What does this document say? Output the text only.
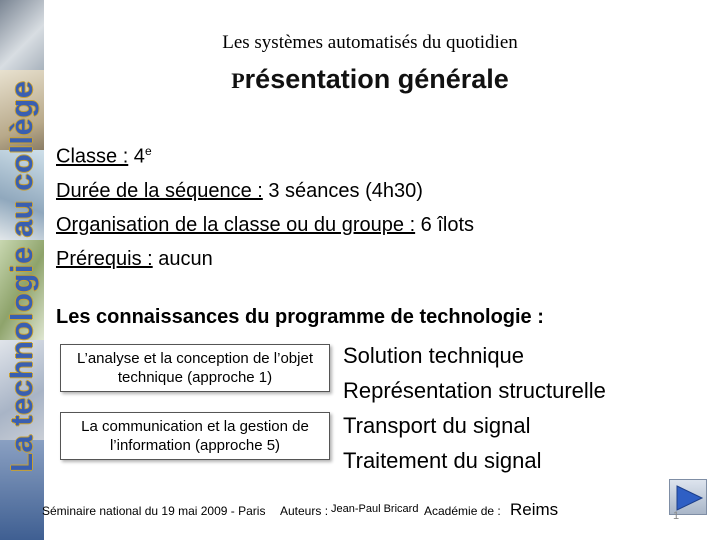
La technologie au collège
Les systèmes automatisés du quotidien
Présentation générale
Classe : 4e
Durée de la séquence : 3 séances (4h30)
Organisation de la classe ou du groupe : 6 îlots
Prérequis : aucun
Les connaissances du programme de technologie :
L’analyse et la conception de l’objet technique (approche 1)
La communication et la gestion de l’information (approche 5)
Solution technique
Représentation structurelle
Transport du signal
Traitement du signal
Séminaire national du 19 mai 2009 - Paris Auteurs : Jean-Paul Bricard Académie de : Reims	1
